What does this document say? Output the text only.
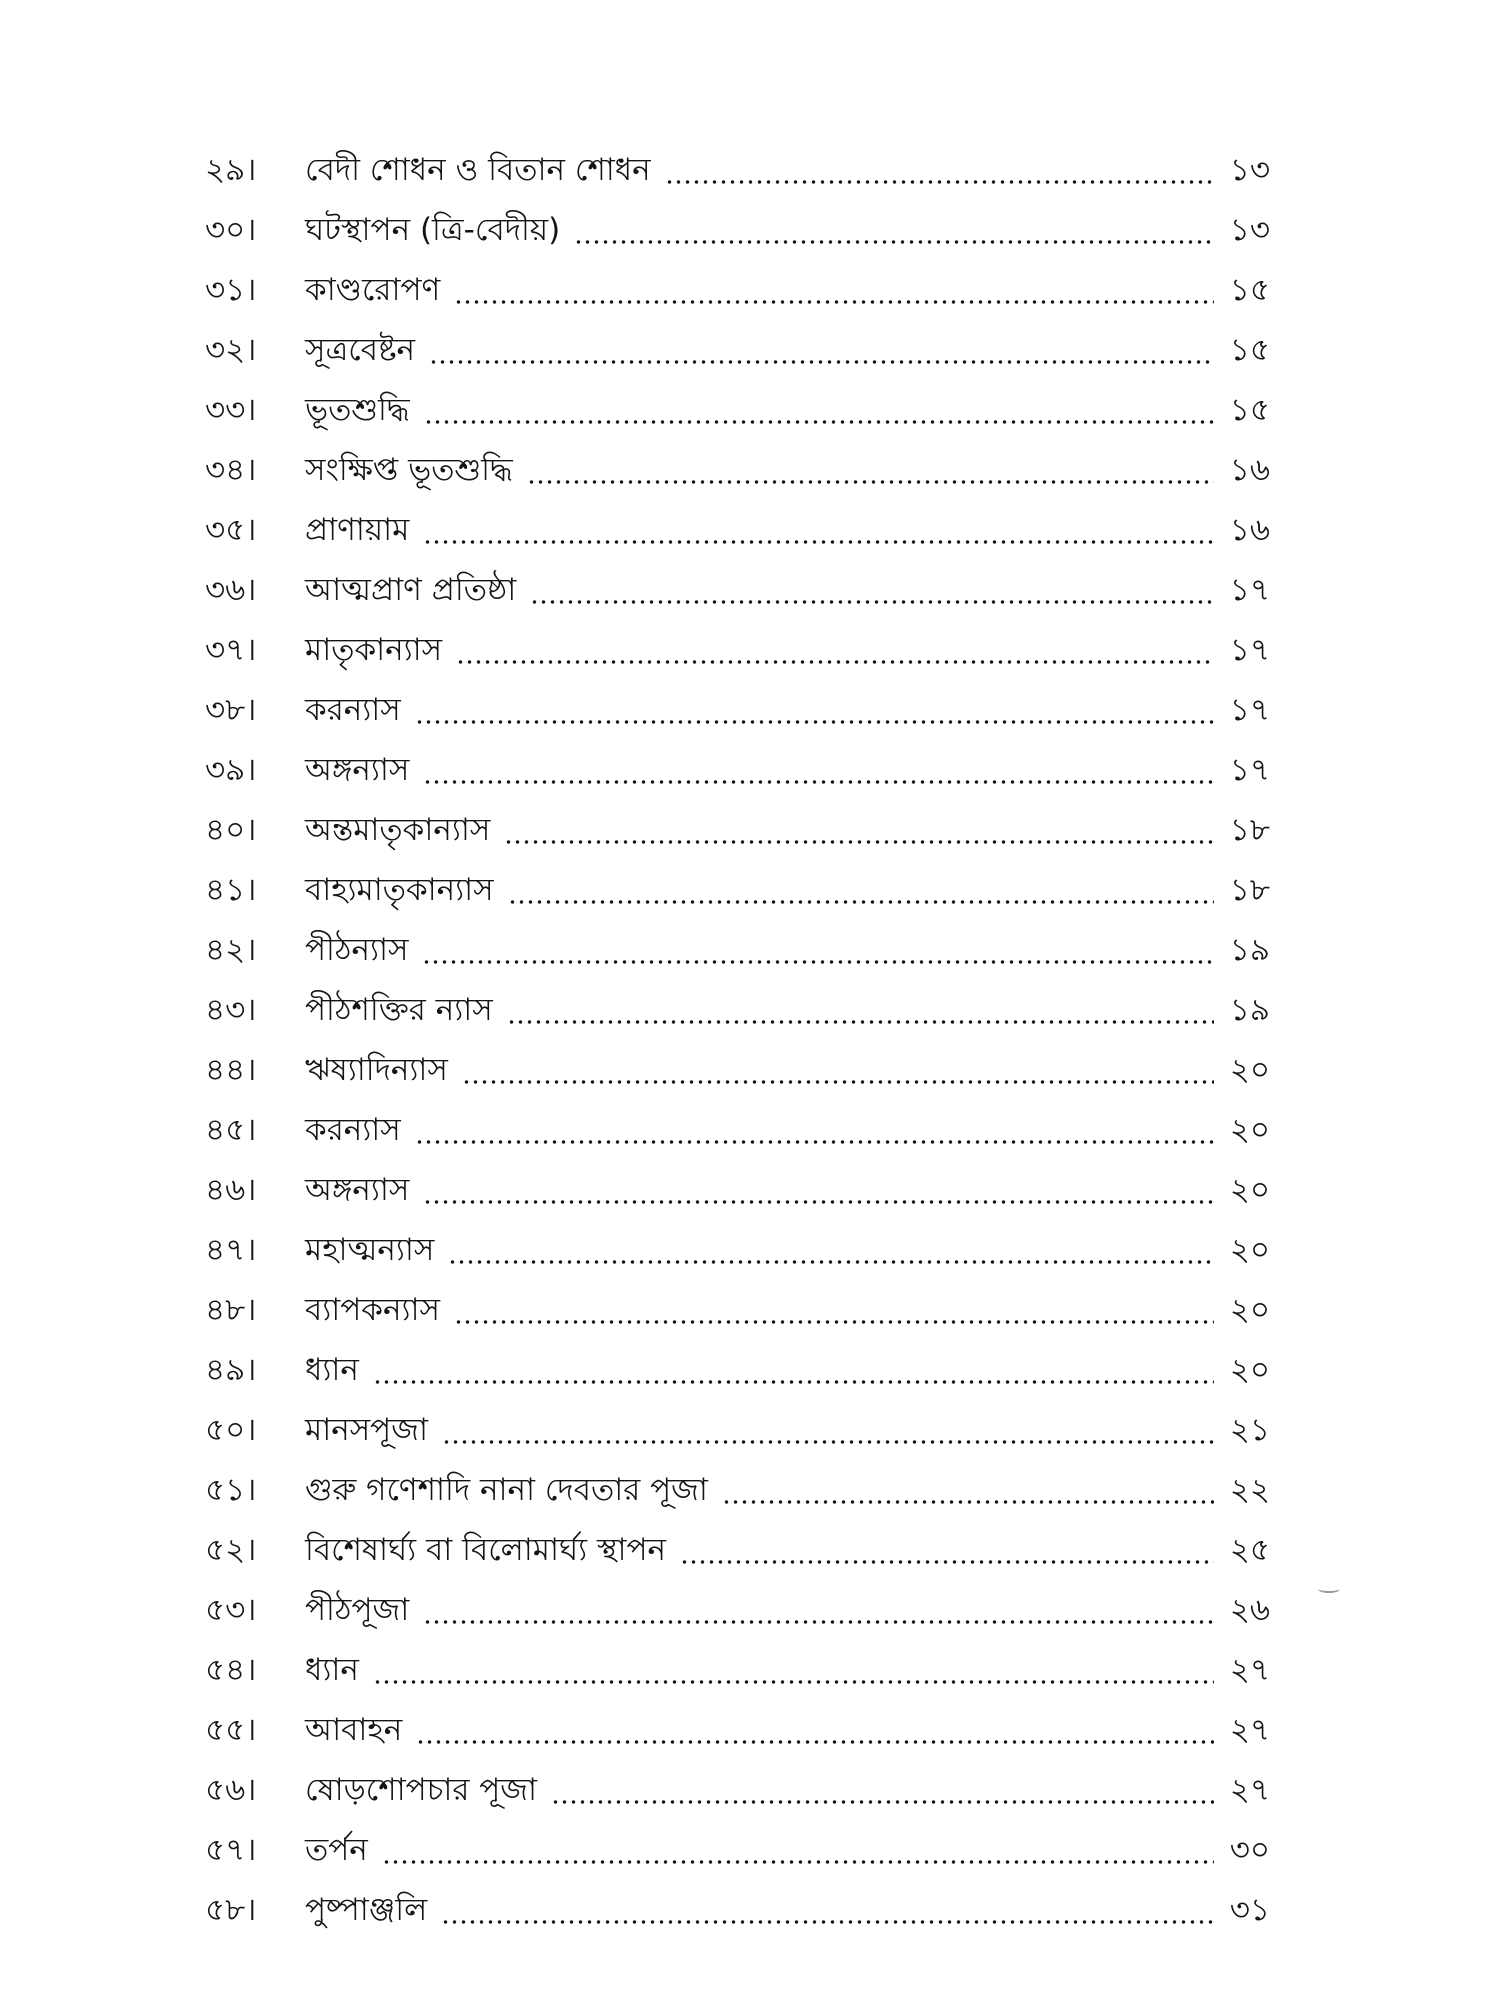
২৯।	বেদী শোধন ও বিতান শোধন	১৩
৩০।	ঘটস্থাপন (ত্রি-বেদীয়)	১৩
৩১।	কাণ্ডরোপণ	১৫
৩২।	সূত্রবেষ্টন	১৫
৩৩।	ভূতশুদ্ধি	১৫
৩৪।	সংক্ষিপ্ত ভূতশুদ্ধি	১৬
৩৫।	প্রাণায়াম	১৬
৩৬।	আত্মপ্রাণ প্রতিষ্ঠা	১৭
৩৭।	মাতৃকান্যাস	১৭
৩৮।	করন্যাস	১৭
৩৯।	অঙ্গন্যাস	১৭
৪০।	অন্তমাতৃকান্যাস	১৮
৪১।	বাহ্যমাতৃকান্যাস	১৮
৪২।	পীঠন্যাস	১৯
৪৩।	পীঠশক্তির ন্যাস	১৯
৪৪।	ঋষ্যাদিন্যাস	২০
৪৫।	করন্যাস	২০
৪৬।	অঙ্গন্যাস	২০
৪৭।	মহাত্মন্যাস	২০
৪৮।	ব্যাপকন্যাস	২০
৪৯।	ধ্যান	২০
৫০।	মানসপূজা	২১
৫১।	গুরু গণেশাদি নানা দেবতার পূজা	২২
৫২।	বিশেষার্ঘ্য বা বিলোমার্ঘ্য স্থাপন	২৫
৫৩।	পীঠপূজা	২৬
৫৪।	ধ্যান	২৭
৫৫।	আবাহন	২৭
৫৬।	ষোড়শোপচার পূজা	২৭
৫৭।	তর্পন	৩০
৫৮।	পুষ্পাঞ্জলি	৩১
